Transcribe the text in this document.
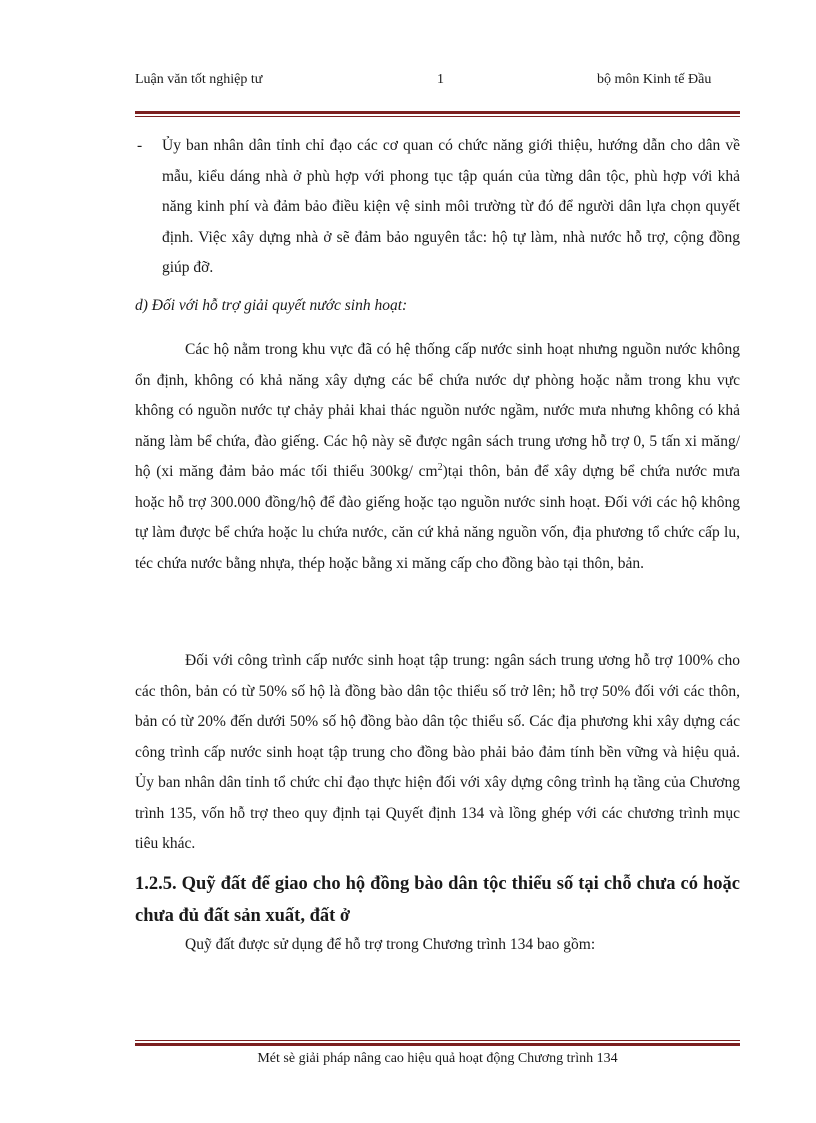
Luận văn tốt nghiệp tư	1	bộ môn Kinh tế Đầu
- Ủy ban nhân dân tỉnh chỉ đạo các cơ quan có chức năng giới thiệu, hướng dẫn cho dân về mẫu, kiểu dáng nhà ở phù hợp với phong tục tập quán của từng dân tộc, phù hợp với khả năng kinh phí và đảm bảo điều kiện vệ sinh môi trường từ đó để người dân lựa chọn quyết định. Việc xây dựng nhà ở sẽ đảm bảo nguyên tắc: hộ tự làm, nhà nước hỗ trợ, cộng đồng giúp đỡ.
d) Đối với hỗ trợ giải quyết nước sinh hoạt:
Các hộ nằm trong khu vực đã có hệ thống cấp nước sinh hoạt nhưng nguồn nước không ổn định, không có khả năng xây dựng các bể chứa nước dự phòng hoặc nằm trong khu vực không có nguồn nước tự chảy phải khai thác nguồn nước ngầm, nước mưa nhưng không có khả năng làm bể chứa, đào giếng. Các hộ này sẽ được ngân sách trung ương hỗ trợ 0, 5 tấn xi măng/ hộ (xi măng đảm bảo mác tối thiểu 300kg/ $cm^2)tại$ thôn, bản để xây dựng bể chứa nước mưa hoặc hỗ trợ 300.000 đồng/hộ để đào giếng hoặc tạo nguồn nước sinh hoạt. Đối với các hộ không tự làm được bể chứa hoặc lu chứa nước, căn cứ khả năng nguồn vốn, địa phương tổ chức cấp lu, téc chứa nước bằng nhựa, thép hoặc bằng xi măng cấp cho đồng bào tại thôn, bản.
Đối với công trình cấp nước sinh hoạt tập trung: ngân sách trung ương hỗ trợ 100% cho các thôn, bản có từ 50% số hộ là đồng bào dân tộc thiểu số trở lên; hỗ trợ 50% đối với các thôn, bản có từ 20% đến dưới 50% số hộ đồng bào dân tộc thiểu số. Các địa phương khi xây dựng các công trình cấp nước sinh hoạt tập trung cho đồng bào phải bảo đảm tính bền vững và hiệu quả. Ủy ban nhân dân tỉnh tổ chức chỉ đạo thực hiện đối với xây dựng công trình hạ tầng của Chương trình 135, vốn hỗ trợ theo quy định tại Quyết định 134 và lồng ghép với các chương trình mục tiêu khác.
1.2.5. Quỹ đất để giao cho hộ đồng bào dân tộc thiểu số tại chỗ chưa có hoặc chưa đủ đất sản xuất, đất ở
Quỹ đất được sử dụng để hỗ trợ trong Chương trình 134 bao gồm:
Mét sè giải pháp nâng cao hiệu quả hoạt động Chương trình 134
